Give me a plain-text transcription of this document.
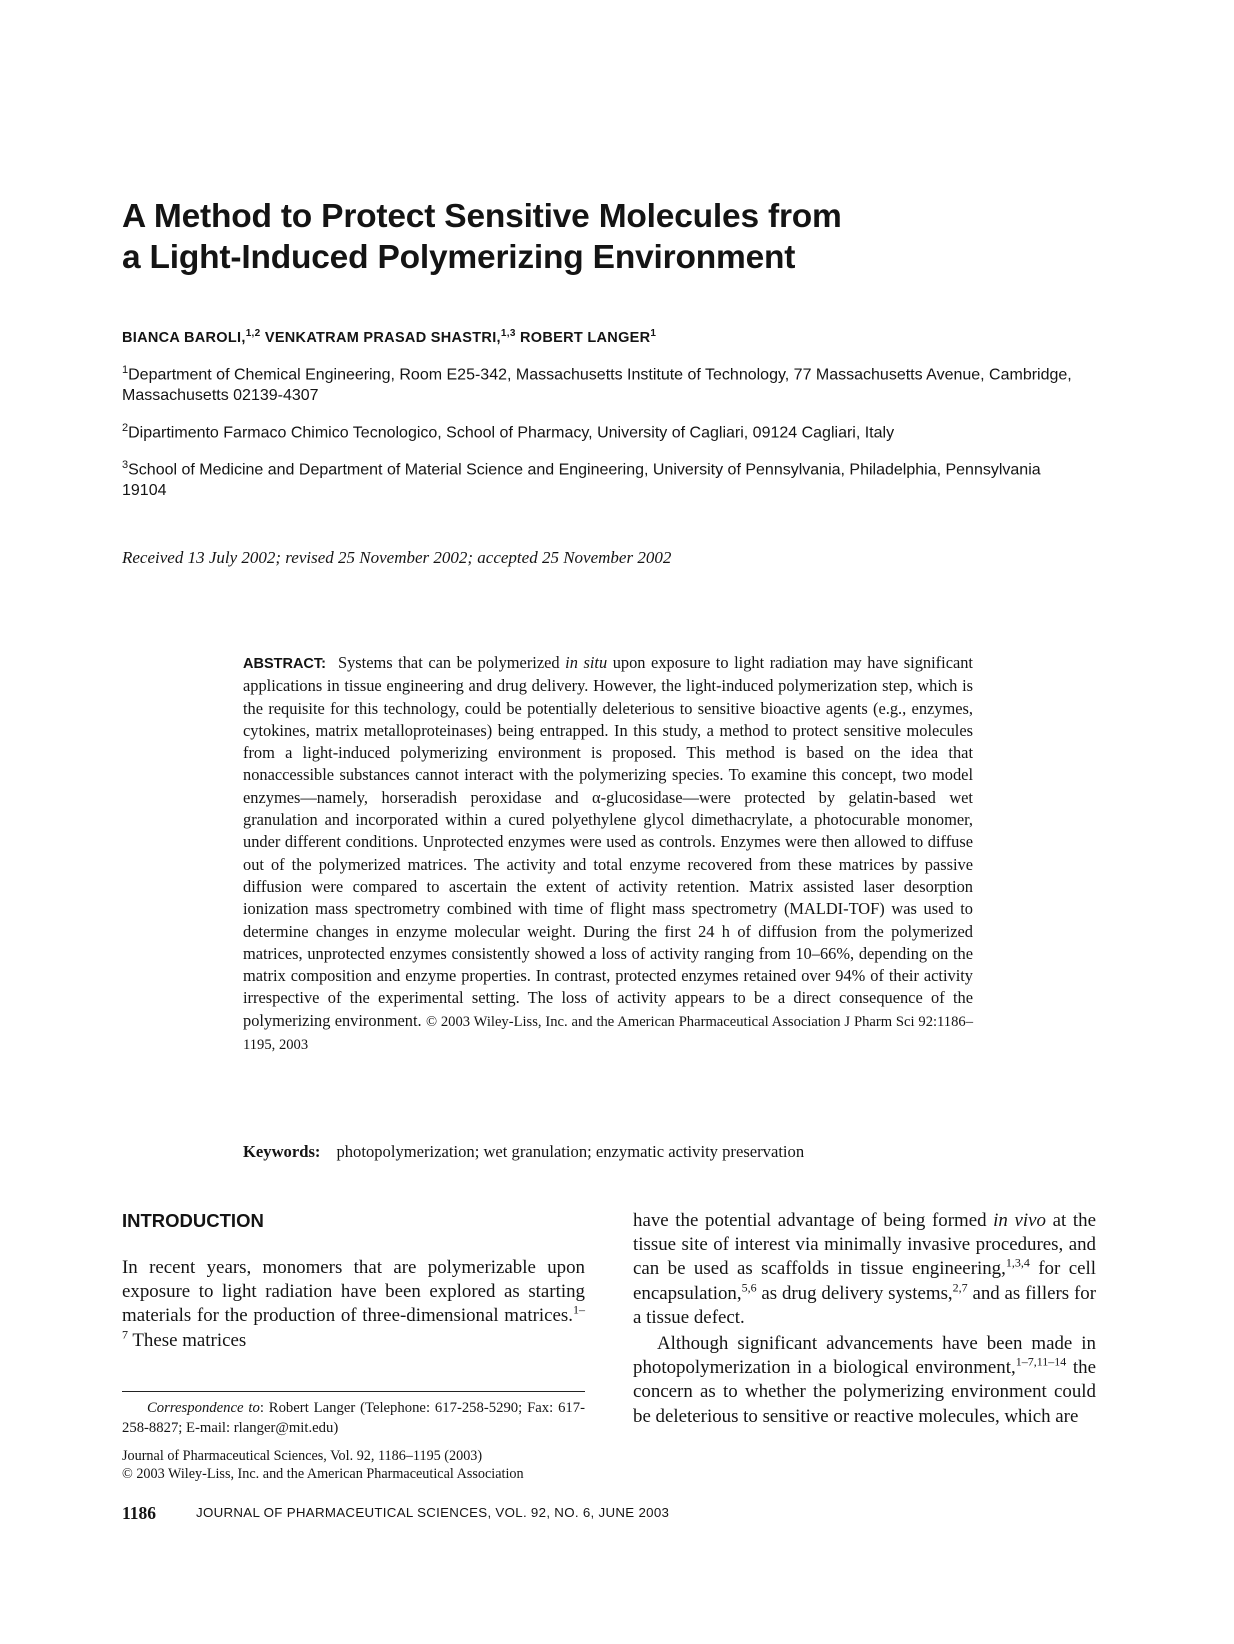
A Method to Protect Sensitive Molecules from
a Light-Induced Polymerizing Environment
BIANCA BAROLI,$^{1,2}$ VENKATRAM PRASAD SHASTRI,$^{1,3}$ ROBERT LANGER$^1$
$^1$Department of Chemical Engineering, Room E25-342, Massachusetts Institute of Technology, 77 Massachusetts Avenue, Cambridge, Massachusetts 02139-4307
$^2$Dipartimento Farmaco Chimico Tecnologico, School of Pharmacy, University of Cagliari, 09124 Cagliari, Italy
$^3$School of Medicine and Department of Material Science and Engineering, University of Pennsylvania, Philadelphia, Pennsylvania 19104
Received 13 July 2002; revised 25 November 2002; accepted 25 November 2002
ABSTRACT: Systems that can be polymerized in situ upon exposure to light radiation may have significant applications in tissue engineering and drug delivery. However, the light-induced polymerization step, which is the requisite for this technology, could be potentially deleterious to sensitive bioactive agents (e.g., enzymes, cytokines, matrix metalloproteinases) being entrapped. In this study, a method to protect sensitive molecules from a light-induced polymerizing environment is proposed. This method is based on the idea that nonaccessible substances cannot interact with the polymerizing species. To examine this concept, two model enzymes—namely, horseradish peroxidase and α-glucosidase—were protected by gelatin-based wet granulation and incorporated within a cured polyethylene glycol dimethacrylate, a photocurable monomer, under different conditions. Unprotected enzymes were used as controls. Enzymes were then allowed to diffuse out of the polymerized matrices. The activity and total enzyme recovered from these matrices by passive diffusion were compared to ascertain the extent of activity retention. Matrix assisted laser desorption ionization mass spectrometry combined with time of flight mass spectrometry (MALDI-TOF) was used to determine changes in enzyme molecular weight. During the first 24 h of diffusion from the polymerized matrices, unprotected enzymes consistently showed a loss of activity ranging from 10–66%, depending on the matrix composition and enzyme properties. In contrast, protected enzymes retained over 94% of their activity irrespective of the experimental setting. The loss of activity appears to be a direct consequence of the polymerizing environment. © 2003 Wiley-Liss, Inc. and the American Pharmaceutical Association J Pharm Sci 92:1186–1195, 2003
Keywords: photopolymerization; wet granulation; enzymatic activity preservation
INTRODUCTION

In recent years, monomers that are polymerizable upon exposure to light radiation have been explored as starting materials for the production of three-dimensional matrices.$^{1-7}$ These matrices

Correspondence to: Robert Langer (Telephone: 617-258-5290; Fax: 617-258-8827; E-mail: rlanger@mit.edu)

Journal of Pharmaceutical Sciences, Vol. 92, 1186–1195 (2003)
© 2003 Wiley-Liss, Inc. and the American Pharmaceutical Association

have the potential advantage of being formed in vivo at the tissue site of interest via minimally invasive procedures, and can be used as scaffolds in tissue engineering,$^{1,3,4}$ for cell encapsulation,$^{5,6}$ as drug delivery systems,$^{2,7}$ and as fillers for a tissue defect.

Although significant advancements have been made in photopolymerization in a biological environment,$^{1-7,11-14}$ the concern as to whether the polymerizing environment could be deleterious to sensitive or reactive molecules, which are

1186	JOURNAL OF PHARMACEUTICAL SCIENCES, VOL. 92, NO. 6, JUNE 2003
